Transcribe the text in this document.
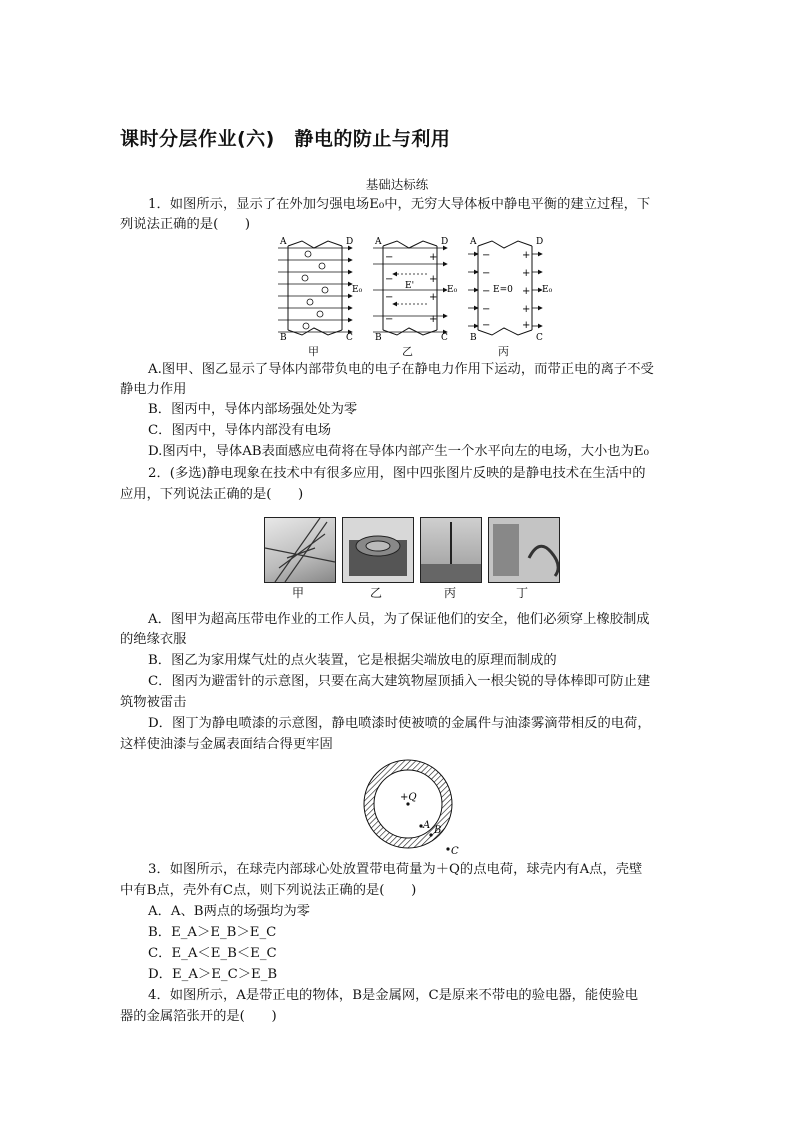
课时分层作业(六)　静电的防止与利用
基础达标练
1．如图所示，显示了在外加匀强电场E₀中，无穷大导体板中静电平衡的建立过程，下
列说法正确的是(　　)
A	D
B	C
E₀
−
−
−
−
+
+
+
+
E'
A	D
B	C
E₀
−
−
−
−
−
+
+
+
+
+
E=0
A	D
B	C
E₀
甲	乙	丙
A.图甲、图乙显示了导体内部带负电的电子在静电力作用下运动，而带正电的离子不受
静电力作用
B．图丙中，导体内部场强处处为零
C．图丙中，导体内部没有电场
D.图丙中，导体AB表面感应电荷将在导体内部产生一个水平向左的电场，大小也为E₀
2．(多选)静电现象在技术中有很多应用，图中四张图片反映的是静电技术在生活中的
应用，下列说法正确的是(　　)
甲	乙	丙	丁
A．图甲为超高压带电作业的工作人员，为了保证他们的安全，他们必须穿上橡胶制成
的绝缘衣服
B．图乙为家用煤气灶的点火装置，它是根据尖端放电的原理而制成的
C．图丙为避雷针的示意图，只要在高大建筑物屋顶插入一根尖锐的导体棒即可防止建
筑物被雷击
D．图丁为静电喷漆的示意图，静电喷漆时使被喷的金属件与油漆雾滴带相反的电荷，
这样使油漆与金属表面结合得更牢固
+Q
A B
C
3．如图所示，在球壳内部球心处放置带电荷量为＋Q的点电荷，球壳内有A点，壳壁
中有B点，壳外有C点，则下列说法正确的是(　　)
A．A、B两点的场强均为零
B．E_A＞E_B＞E_C
C．E_A＜E_B＜E_C
D．E_A＞E_C＞E_B
4．如图所示，A是带正电的物体，B是金属网，C是原来不带电的验电器，能使验电
器的金属箔张开的是(　　)
